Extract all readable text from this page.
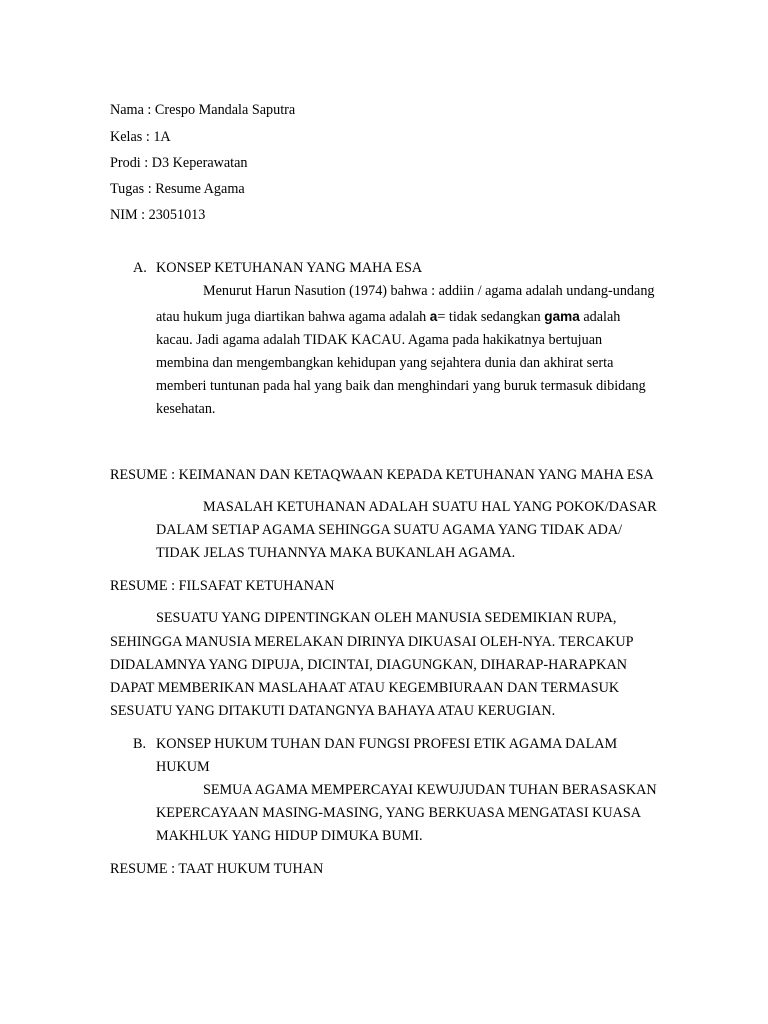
Nama : Crespo Mandala Saputra
Kelas : 1A
Prodi : D3 Keperawatan
Tugas : Resume Agama
NIM : 23051013
A. KONSEP KETUHANAN YANG MAHA ESA
Menurut Harun Nasution (1974) bahwa : addiin / agama adalah undang-undang
atau hukum juga diartikan bahwa agama adalah a= tidak sedangkan gama adalah
kacau. Jadi agama adalah TIDAK KACAU. Agama pada hakikatnya bertujuan
membina dan mengembangkan kehidupan yang sejahtera dunia dan akhirat serta
memberi tuntunan pada hal yang baik dan menghindari yang buruk termasuk dibidang
kesehatan.
RESUME : KEIMANAN DAN KETAQWAAN KEPADA KETUHANAN YANG MAHA ESA
MASALAH KETUHANAN ADALAH SUATU HAL YANG POKOK/DASAR
DALAM SETIAP AGAMA SEHINGGA SUATU AGAMA YANG TIDAK ADA/
TIDAK JELAS TUHANNYA MAKA BUKANLAH AGAMA.
RESUME : FILSAFAT KETUHANAN
SESUATU YANG DIPENTINGKAN OLEH MANUSIA SEDEMIKIAN RUPA,
SEHINGGA MANUSIA MERELAKAN DIRINYA DIKUASAI OLEH-NYA. TERCAKUP
DIDALAMNYA YANG DIPUJA, DICINTAI, DIAGUNGKAN, DIHARAP-HARAPKAN
DAPAT MEMBERIKAN MASLAHAAT ATAU KEGEMBIURAAN DAN TERMASUK
SESUATU YANG DITAKUTI DATANGNYA BAHAYA ATAU KERUGIAN.
B. KONSEP HUKUM TUHAN DAN FUNGSI PROFESI ETIK AGAMA DALAM
HUKUM
SEMUA AGAMA MEMPERCAYAI KEWUJUDAN TUHAN BERASASKAN
KEPERCAYAAN MASING-MASING, YANG BERKUASA MENGATASI KUASA
MAKHLUK YANG HIDUP DIMUKA BUMI.
RESUME : TAAT HUKUM TUHAN
